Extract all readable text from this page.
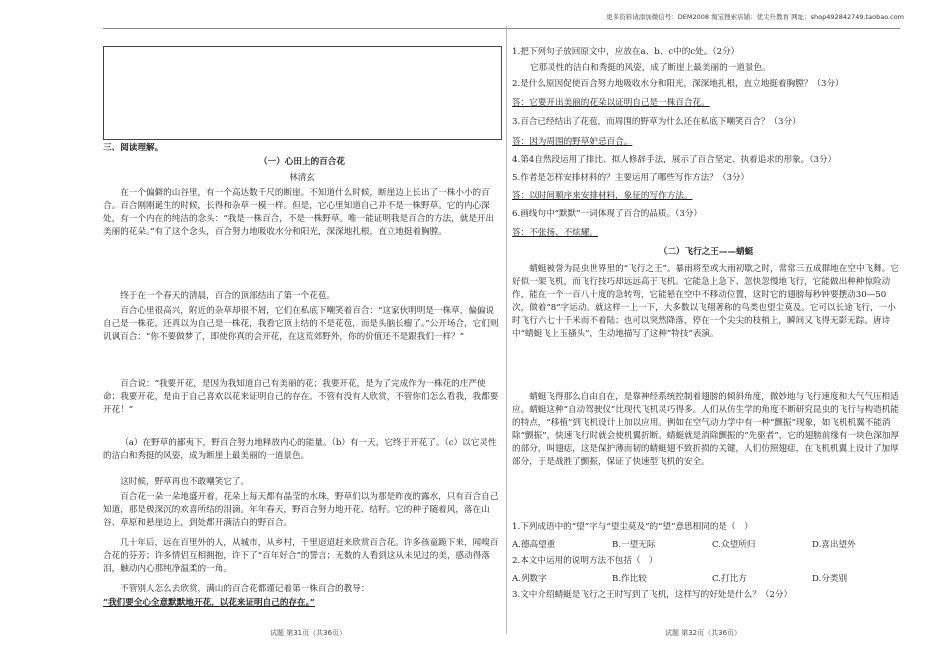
更多资料请添加微信号：DEM2008 淘宝搜索店铺：优尖升教育 网址：shop492842749.taobao.com
三、阅读理解。
（一）心田上的百合花
林清玄
在一个偏僻的山谷里，有一个高达数千尺的断崖。不知道什么时候，断崖边上长出了一株小小的百合。百合刚刚诞生的时候，长得和杂草一模一样。但是，它心里知道自己并不是一株野草。它的内心深处，有一个内在的纯洁的念头：“我是一株百合，不是一株野草。唯一能证明我是百合的方法，就是开出美丽的花朵。”有了这个念头，百合努力地吸收水分和阳光，深深地扎根，直立地挺着胸膛。
终于在一个春天的清晨，百合的顶部结出了第一个花苞。
百合心里很高兴，附近的杂草却很不屑，它们在私底下嘲笑着百合：“这家伙明明是一株草，偏偏说自己是一株花，还真以为自己是一株花，我看它顶上结的不是花苞，而是头脑长瘤了。”公开场合，它们则讥讽百合：“你不要做梦了，即使你真的会开花，在这荒郊野外，你的价值还不是跟我们一样？”
百合说：“我要开花，是因为我知道自己有美丽的花；我要开花，是为了完成作为一株花的庄严使命；我要开花，是由于自己喜欢以花来证明自己的存在。不管有没有人欣赏，不管你们怎么看我，我都要开花！”
（a）在野草的鄙夷下，野百合努力地释放内心的能量。（b）有一天，它终于开花了。（c）以它灵性的洁白和秀挺的风姿，成为断崖上最美丽的一道景色。
这时候，野草再也不敢嘲笑它了。
百合花一朵一朵地盛开着，花朵上每天都有晶莹的水珠，野草们以为那是昨夜的露水，只有百合自己知道，那是极深沉的欢喜所结的泪滴。年年春天，野百合努力地开花、结籽。它的种子随着风，落在山谷、草原和悬崖边上，到处都开满洁白的野百合。
几十年后，远在百里外的人，从城市，从乡村，千里迢迢赶来欣赏百合花。许多孩童跪下来，闻嗅百合花的芬芳；许多情侣互相拥抱，许下了“百年好合”的誓言；无数的人看到这从未见过的美，感动得落泪，触动内心那纯净温柔的一角。
不管别人怎么去欣赏，满山的百合花都谨记着第一株百合的教导：
“我们要全心全意默默地开花，以花来证明自己的存在。”
试题 第31页（共36页）
1.把下列句子放回原文中，应放在a、b、c中的c处。（2分）
它那灵性的洁白和秀挺的风姿，成了断崖上最美丽的一道景色。
2.是什么原因促使百合努力地吸收水分和阳光，深深地扎根，直立地挺着胸膛？（3分）
答：它要开出美丽的花朵以证明自己是一株百合花。
3.百合已经结出了花苞，而周围的野草为什么还在私底下嘲笑百合？（3分）
答：因为周围的野草妒忌百合。
4.第4自然段运用了排比、拟人修辞手法，展示了百合坚定、执着追求的形象。（3分）
5.作者是怎样安排材料的？主要运用了哪些写作方法？（3分）
答：以时间顺序来安排材料，象征的写作方法。
6.画线句中“默默”一词体现了百合的品质。（3分）
答：不张扬、不炫耀。
（二）飞行之王——蜻蜓
蜻蜓被誉为昆虫世界里的“飞行之王”。暴雨将至或大雨初歇之时，常常三五成群地在空中飞舞。它好似一架飞机，而飞行技巧却远远高于飞机。它能急上急下、忽快忽慢地飞行，它能做出种种惊险动作，能在一个一百八十度的急转弯，它能悬在空中不移动位置，这时它的翅膀每秒钟要摆动30—50次，做着“8”字运动。就这样一上一下，大多数以飞翔著称的鸟类也望尘莫及。它可以长途飞行，一小时飞行六七十千米而不着陆；也可以突然降落，停在一个尖尖的枝梢上，瞬间又飞得无影无踪。唐诗中“蜻蜓飞上玉搔头”，生动地描写了这种“特技”表演。
蜻蜓飞得那么自由自在，是靠神经系统控制着翅膀的倾斜角度，微妙地与飞行速度和大气气压相适应。蜻蜓这种“自动驾驶仪”比现代飞机灵巧得多。人们从仿生学的角度不断研究昆虫的飞行与构造机能的特点，“移植”到飞机设计上加以应用。例如在空气动力学中有一种“颤振”现象，如飞机机翼不能消除“颤振”，快速飞行时就会使机翼折断。蜻蜓就是消除颤振的“先驱者”，它的翅膀前缘有一块色深加厚的部分，叫翅痣，这是保护薄而韧的蜻蜓翅不致折损的关键，人们仿照翅痣，在飞机机翼上设计了加厚部分，于是战胜了颤振，保证了快速型飞机的安全。
1.下列成语中的“望”字与“望尘莫及”的“望”意思相同的是（　）
A.德高望重	B.一望无际	C.众望所归	D.喜出望外
2.本文中运用的说明方法不包括（　）
A.列数字	B.作比较	C.打比方	D.分类别
3.文中介绍蜻蜓是飞行之王时写到了飞机，这样写的好处是什么？（2分）
试题 第32页（共36页）
